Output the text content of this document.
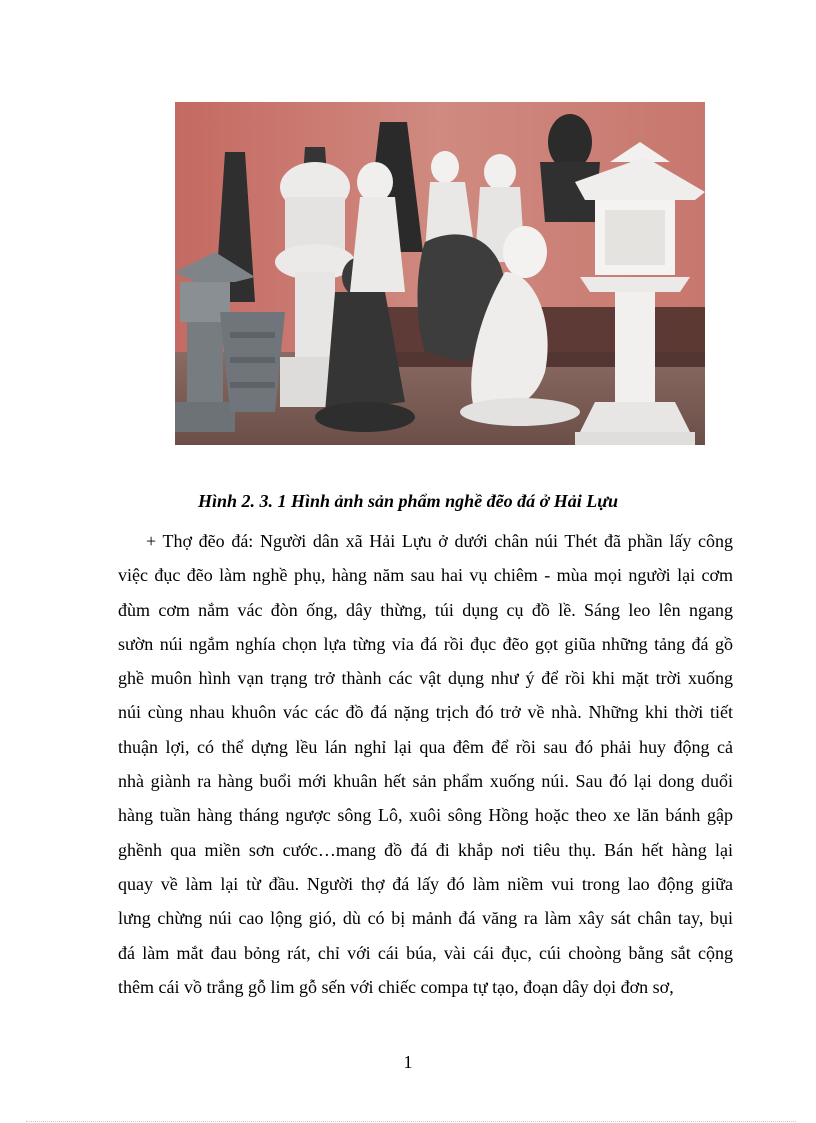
Hình 2. 3. 1 Hình ảnh sản phẩm nghề đẽo đá ở Hải Lựu

+ Thợ đẽo đá: Người dân xã Hải Lựu ở dưới chân núi Thét đã phần lấy công
việc đục đẽo làm nghề phụ, hàng năm sau hai vụ chiêm - mùa mọi người lại cơm
đùm cơm nắm vác đòn ống, dây thừng, túi dụng cụ đồ lề. Sáng leo lên ngang
sườn núi ngắm nghía chọn lựa từng vỉa đá rồi đục đẽo gọt giũa những tảng đá gồ
ghề muôn hình vạn trạng trở thành các vật dụng như ý để rồi khi mặt trời xuống
núi cùng nhau khuôn vác các đồ đá nặng trịch đó trở về nhà. Những khi thời tiết
thuận lợi, có thể dựng lều lán nghỉ lại qua đêm để rồi sau đó phải huy động cả
nhà giành ra hàng buổi mới khuân hết sản phẩm xuống núi. Sau đó lại dong duổi
hàng tuần hàng tháng ngược sông Lô, xuôi sông Hồng hoặc theo xe lăn bánh gập
ghềnh qua miền sơn cước…mang đồ đá đi khắp nơi tiêu thụ. Bán hết hàng lại
quay về làm lại từ đầu. Người thợ đá lấy đó làm niềm vui trong lao động giữa
lưng chừng núi cao lộng gió, dù có bị mảnh đá văng ra làm xây sát chân tay, bụi
đá làm mắt đau bỏng rát, chỉ với cái búa, vài cái đục, cúi choòng bằng sắt cộng
thêm cái vồ trắng gỗ lim gỗ sến với chiếc compa tự tạo, đoạn dây dọi đơn sơ,
1
